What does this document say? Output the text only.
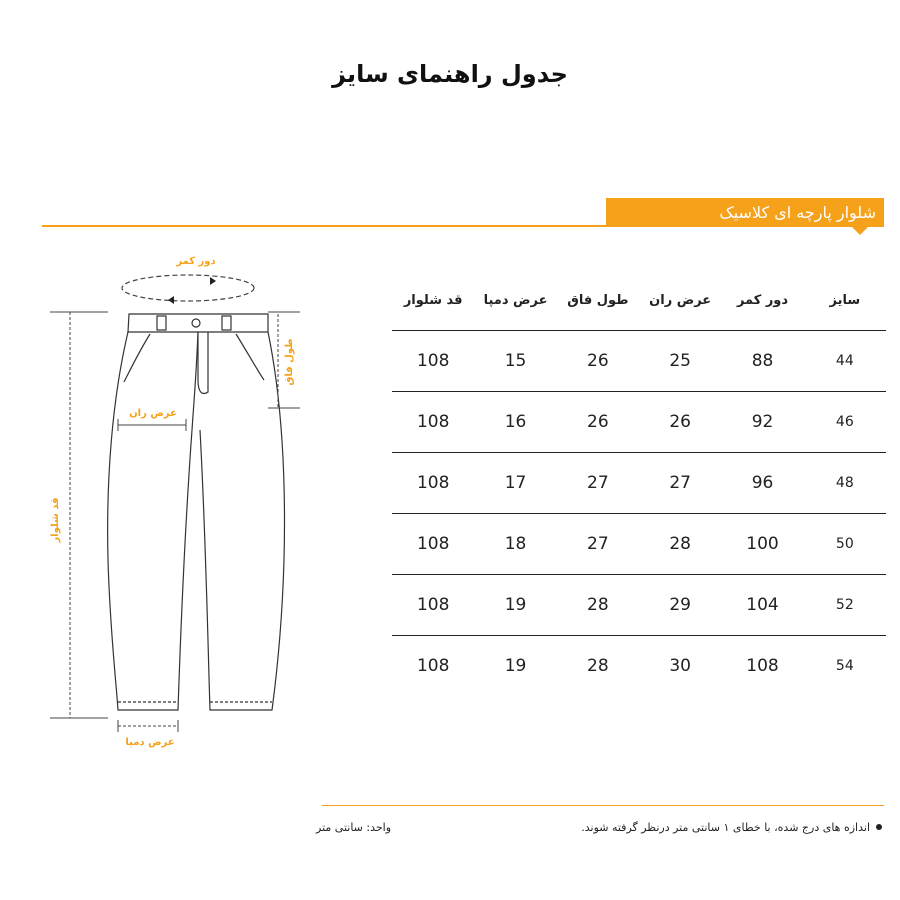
جدول راهنمای سایز
شلوار پارچه ای کلاسیک
دور کمر
طول فاق
عرض ران
قد شلوار
عرض دمپا
سایز	دور کمر	عرض ران	طول فاق	عرض دمپا	قد شلوار
44	88	25	26	15	108
46	92	26	26	16	108
48	96	27	27	17	108
50	100	28	27	18	108
52	104	29	28	19	108
54	108	30	28	19	108
اندازه های درج شده، با خطای ۱ سانتی متر درنظر گرفته شوند.
واحد: سانتی متر
